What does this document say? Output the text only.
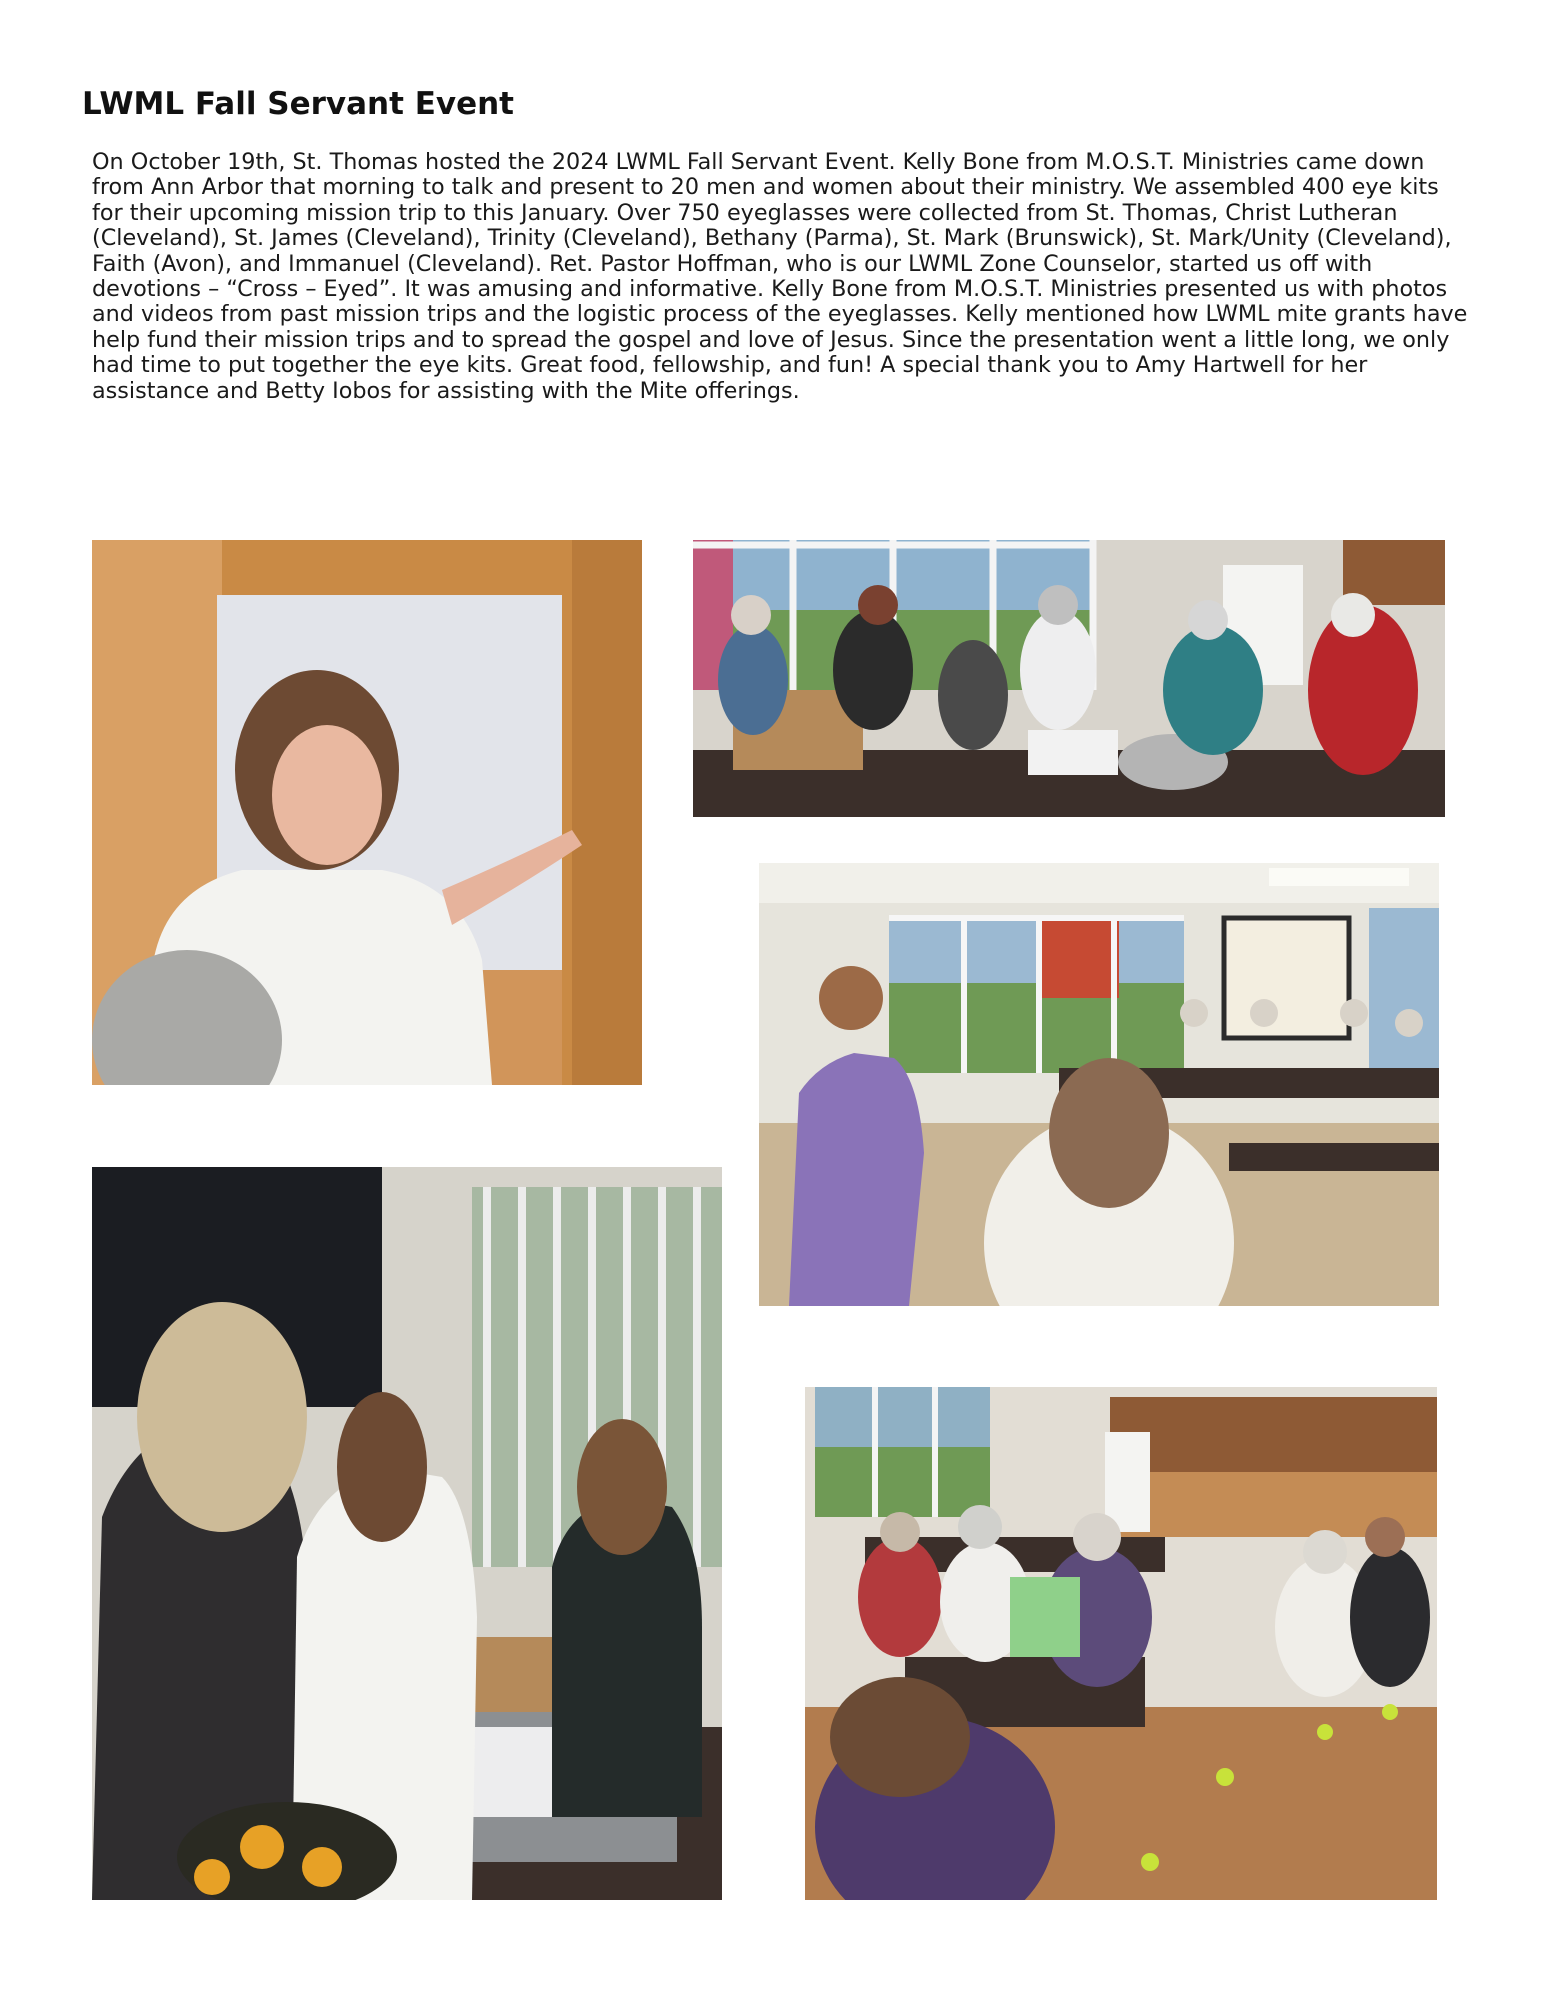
LWML Fall Servant Event

On October 19th, St. Thomas hosted the 2024 LWML Fall Servant Event. Kelly Bone from M.O.S.T. Ministries came down from Ann Arbor that morning to talk and present to 20 men and women about their ministry. We assembled 400 eye kits for their upcoming mission trip to this January. Over 750 eyeglasses were collected from St. Thomas, Christ Lutheran (Cleveland), St. James (Cleveland), Trinity (Cleveland), Bethany (Parma), St. Mark (Brunswick), St. Mark/Unity (Cleveland), Faith (Avon), and Immanuel (Cleveland). Ret. Pastor Hoffman, who is our LWML Zone Counselor, started us off with devotions – “Cross – Eyed”. It was amusing and informative. Kelly Bone from M.O.S.T. Ministries presented us with photos and videos from past mission trips and the logistic process of the eyeglasses. Kelly mentioned how LWML mite grants have help fund their mission trips and to spread the gospel and love of Jesus. Since the presentation went a little long, we only had time to put together the eye kits. Great food, fellowship, and fun! A special thank you to Amy Hartwell for her assistance and Betty Iobos for assisting with the Mite offerings.
